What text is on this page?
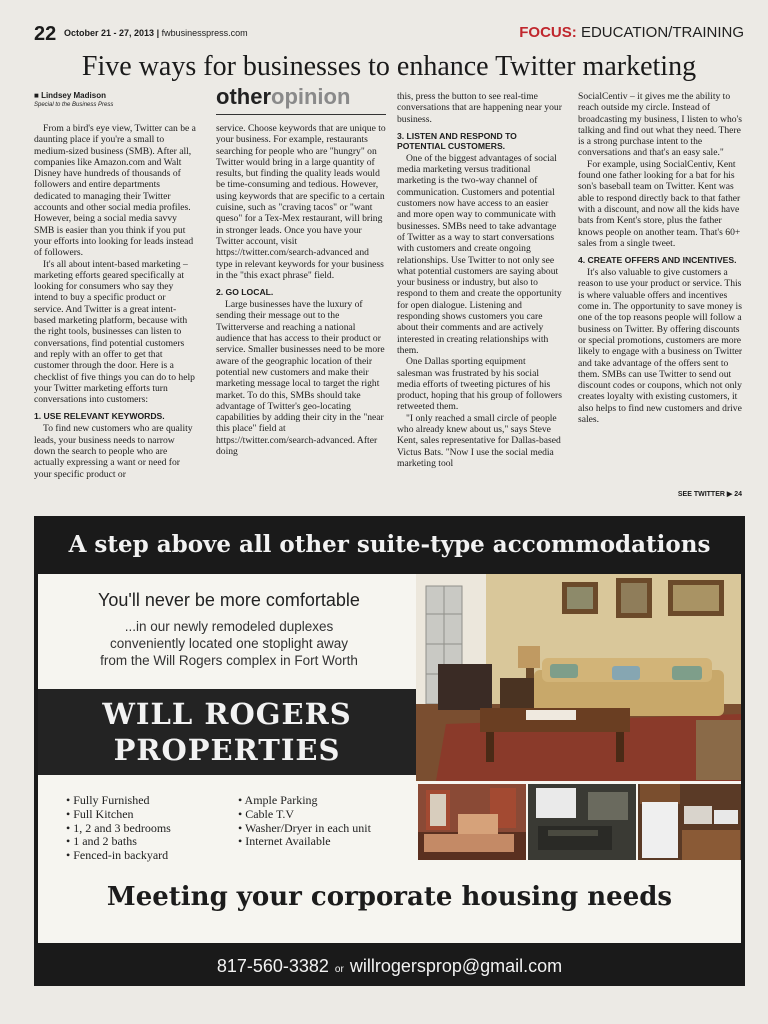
22 October 21 - 27, 2013 | fwbusinesspress.com	FOCUS: EDUCATION/TRAINING
Five ways for businesses to enhance Twitter marketing
■ Lindsey Madison
Special to the Business Press

From a bird's eye view, Twitter can be a daunting place if you're a small to medium-sized business (SMB). After all, companies like Amazon.com and Walt Disney have hundreds of thousands of followers and entire departments dedicated to managing their Twitter accounts and other social media profiles. However, being a social media savvy SMB is easier than you think if you put your efforts into looking for leads instead of followers.

It's all about intent-based marketing – marketing efforts geared specifically at looking for consumers who say they intend to buy a specific product or service. And Twitter is a great intent-based marketing platform, because with the right tools, businesses can listen to conversations, find potential customers and reply with an offer to get that customer through the door. Here is a checklist of five things you can do to help your Twitter marketing efforts turn conversations into customers:

1. USE RELEVANT KEYWORDS.

To find new customers who are quality leads, your business needs to narrow down the search to people who are actually expressing a want or need for your specific product or

otheropinion

service. Choose keywords that are unique to your business. For example, restaurants searching for people who are "hungry" on Twitter would bring in a large quantity of results, but finding the quality leads would be time-consuming and tedious. However, using keywords that are specific to a certain cuisine, such as "craving tacos" or "want queso" for a Tex-Mex restaurant, will bring in stronger leads. Once you have your Twitter account, visit https://twitter.com/search-advanced and type in relevant keywords for your business in the "this exact phrase" field.

2. GO LOCAL.

Large businesses have the luxury of sending their message out to the Twitterverse and reaching a national audience that has access to their product or service. Smaller businesses need to be more aware of the geographic location of their potential new customers and make their marketing message local to target the right market. To do this, SMBs should take advantage of Twitter's geo-locating capabilities by adding their city in the "near this place" field at https://twitter.com/search-advanced. After doing

this, press the button to see real-time conversations that are happening near your business.

3. LISTEN AND RESPOND TO POTENTIAL CUSTOMERS.

One of the biggest advantages of social media marketing versus traditional marketing is the two-way channel of communication. Customers and potential customers now have access to an easier and more open way to communicate with businesses. SMBs need to take advantage of Twitter as a way to start conversations with customers and create ongoing relationships. Use Twitter to not only see what potential customers are saying about your business or industry, but also to respond to them and create the opportunity for open dialogue. Listening and responding shows customers you care about their comments and are actively interested in creating relationships with them.

One Dallas sporting equipment salesman was frustrated by his social media efforts of tweeting pictures of his product, hoping that his group of followers retweeted them.

"I only reached a small circle of people who already knew about us," says Steve Kent, sales representative for Dallas-based Victus Bats. "Now I use the social media marketing tool

SocialCentiv – it gives me the ability to reach outside my circle. Instead of broadcasting my business, I listen to who's talking and find out what they need. There is a strong purchase intent to the conversations and that's an easy sale."

For example, using SocialCentiv, Kent found one father looking for a bat for his son's baseball team on Twitter. Kent was able to respond directly back to that father with a discount, and now all the kids have bats from Kent's store, plus the father knows people on another team. That's 60+ sales from a single tweet.

4. CREATE OFFERS AND INCENTIVES.

It's also valuable to give customers a reason to use your product or service. This is where valuable offers and incentives come in. The opportunity to save money is one of the top reasons people will follow a business on Twitter. By offering discounts or special promotions, customers are more likely to engage with a business on Twitter and take advantage of the offers sent to them. SMBs can use Twitter to send out discount codes or coupons, which not only creates loyalty with existing customers, it also helps to find new customers and drive sales.

SEE TWITTER ▶ 24
A step above all other suite-type accommodations
You'll never be more comfortable
...in our newly remodeled duplexes
conveniently located one stoplight away
from the Will Rogers complex in Fort Worth
WILL ROGERS
PROPERTIES
• Fully Furnished
• Full Kitchen
• 1, 2 and 3 bedrooms
• 1 and 2 baths
• Fenced-in backyard
• Ample Parking
• Cable T.V
• Washer/Dryer in each unit
• Internet Available
Meeting your corporate housing needs
817-560-3382 or willrogersprop@gmail.com
